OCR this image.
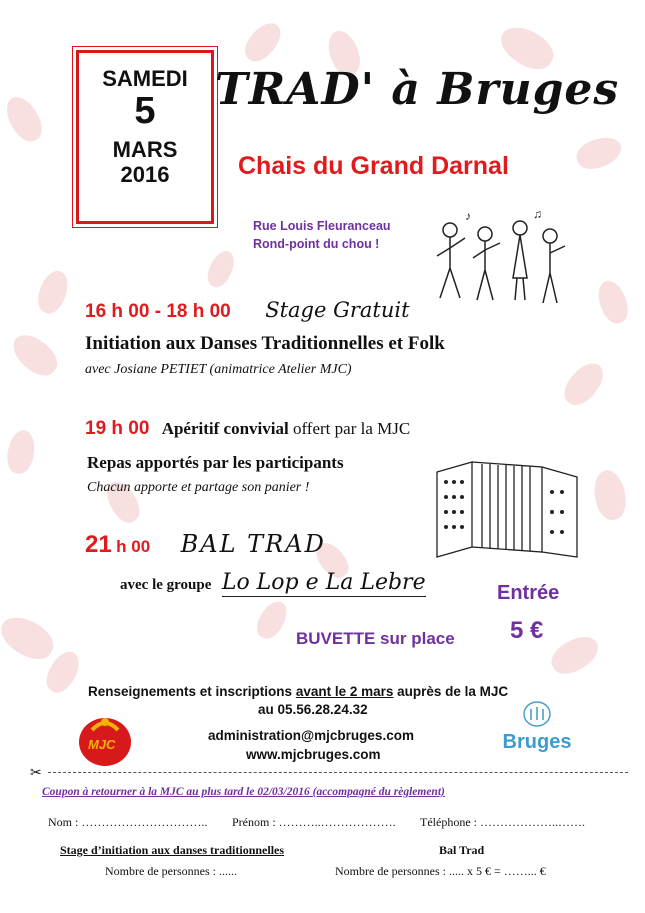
SAMEDI
5
MARS
2016
TRAD' à Bruges
Chais du Grand Darnal
Rue Louis Fleuranceau
Rond-point du chou !
♪	♫
16 h 00 - 18 h 00 Stage Gratuit
Initiation aux Danses Traditionnelles et Folk
avec Josiane PETIET (animatrice Atelier MJC)
19 h 00 Apéritif convivial offert par la MJC
Repas apportés par les participants
Chacun apporte et partage son panier !
21 h 00 BAL TRAD
avec le groupe Lo Lop e La Lebre	Entrée
5 €
BUVETTE sur place
Renseignements et inscriptions avant le 2 mars auprès de la MJC
au 05.56.28.24.32
administration@mjcbruges.com
www.mjcbruges.com
MJC	Bruges
✂
Coupon à retourner à la MJC au plus tard le 02/03/2016 (accompagné du règlement)
Nom : ………………………….. Prénom : ………..………………. Téléphone : ………………..…….
Stage d’initiation aux danses traditionnelles	Bal Trad
Nombre de personnes : ......	Nombre de personnes : ..... x 5 € = ……... €
